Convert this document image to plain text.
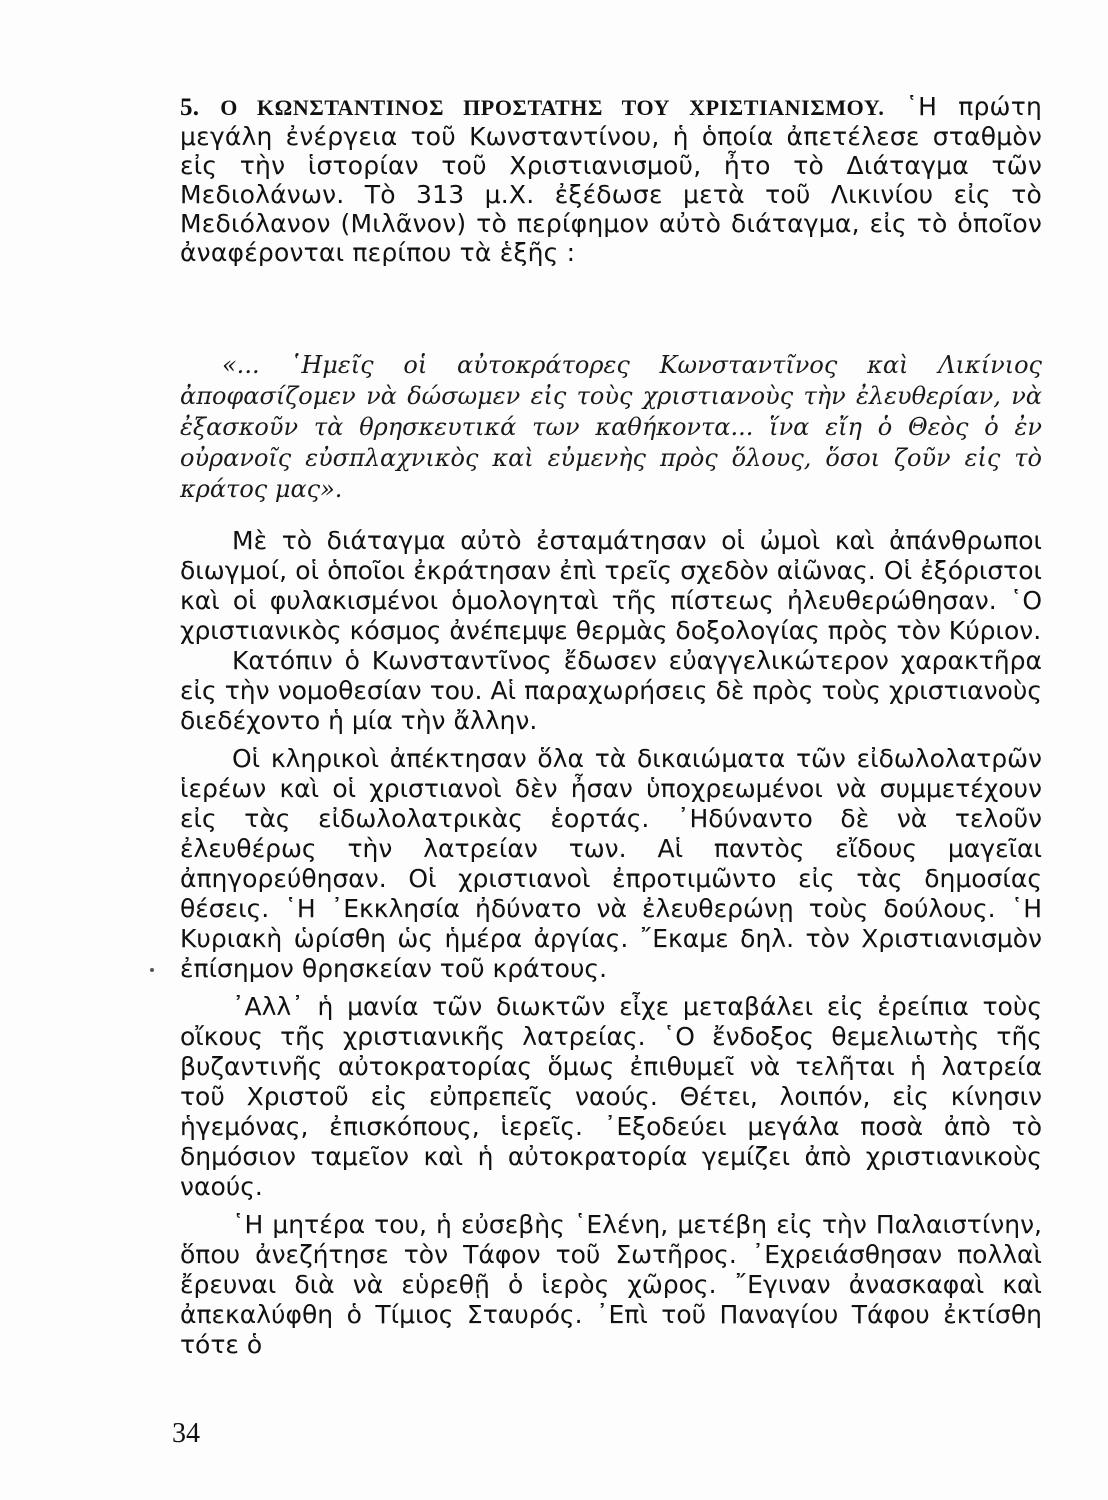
5. Ο ΚΩΝΣΤΑΝΤΙΝΟΣ ΠΡΟΣΤΑΤΗΣ ΤΟΥ ΧΡΙΣΤΙΑΝΙΣΜΟΥ. ῾Η πρώτη μεγάλη ἐνέργεια τοῦ Κωνσταντίνου, ἡ ὁποία ἀπετέλεσε σταθμὸν εἰς τὴν ἱστορίαν τοῦ Χριστιανισμοῦ, ἦτο τὸ Διάταγμα τῶν Μεδιολάνων. Τὸ 313 μ.Χ. ἐξέδωσε μετὰ τοῦ Λικινίου εἰς τὸ Μεδιόλανον (Μιλᾶνον) τὸ περίφημον αὐτὸ διάταγμα, εἰς τὸ ὁποῖον ἀναφέρονται περίπου τὰ ἑξῆς :
«... ῾Ημεῖς οἱ αὐτοκράτορες Κωνσταντῖνος καὶ Λικίνιος ἀποφασίζομεν νὰ δώσωμεν εἰς τοὺς χριστιανοὺς τὴν ἐλευθερίαν, νὰ ἐξασκοῦν τὰ θρησκευτικά των καθήκοντα... ἵνα εἴη ὁ Θεὸς ὁ ἐν οὐρανοῖς εὐσπλαχνικὸς καὶ εὐμενὴς πρὸς ὅλους, ὅσοι ζοῦν εἰς τὸ κράτος μας».

Μὲ τὸ διάταγμα αὐτὸ ἐσταμάτησαν οἱ ὠμοὶ καὶ ἀπάνθρωποι διωγμοί, οἱ ὁποῖοι ἐκράτησαν ἐπὶ τρεῖς σχεδὸν αἰῶνας. Οἱ ἐξόριστοι καὶ οἱ φυλακισμένοι ὁμολογηταὶ τῆς πίστεως ἠλευθερώθησαν. ῾Ο χριστιανικὸς κόσμος ἀνέπεμψε θερμὰς δοξολογίας πρὸς τὸν Κύριον.

Κατόπιν ὁ Κωνσταντῖνος ἔδωσεν εὐαγγελικώτερον χαρακτῆρα εἰς τὴν νομοθεσίαν του. Αἱ παραχωρήσεις δὲ πρὸς τοὺς χριστιανοὺς διεδέχοντο ἡ μία τὴν ἄλλην.

Οἱ κληρικοὶ ἀπέκτησαν ὅλα τὰ δικαιώματα τῶν εἰδωλολατρῶν ἱερέων καὶ οἱ χριστιανοὶ δὲν ἦσαν ὑποχρεωμένοι νὰ συμμετέχουν εἰς τὰς εἰδωλολατρικὰς ἑορτάς. ᾿Ηδύναντο δὲ νὰ τελοῦν ἐλευθέρως τὴν λατρείαν των. Αἱ παντὸς εἴδους μαγεῖαι ἀπηγορεύθησαν. Οἱ χριστιανοὶ ἐπροτιμῶντο εἰς τὰς δημοσίας θέσεις. ῾Η ᾿Εκκλησία ἠδύνατο νὰ ἐλευθερώνῃ τοὺς δούλους. ῾Η Κυριακὴ ὡρίσθη ὡς ἡμέρα ἀργίας. ῎Εκαμε δηλ. τὸν Χριστιανισμὸν ἐπίσημον θρησκείαν τοῦ κράτους.

᾿Αλλ᾿ ἡ μανία τῶν διωκτῶν εἶχε μεταβάλει εἰς ἐρείπια τοὺς οἴκους τῆς χριστιανικῆς λατρείας. ῾Ο ἔνδοξος θεμελιωτὴς τῆς βυζαντινῆς αὐτοκρατορίας ὅμως ἐπιθυμεῖ νὰ τελῆται ἡ λατρεία τοῦ Χριστοῦ εἰς εὐπρεπεῖς ναούς. Θέτει, λοιπόν, εἰς κίνησιν ἡγεμόνας, ἐπισκόπους, ἱερεῖς. ᾿Εξοδεύει μεγάλα ποσὰ ἀπὸ τὸ δημόσιον ταμεῖον καὶ ἡ αὐτοκρατορία γεμίζει ἀπὸ χριστιανικοὺς ναούς.

῾Η μητέρα του, ἡ εὐσεβὴς ῾Ελένη, μετέβη εἰς τὴν Παλαιστίνην, ὅπου ἀνεζήτησε τὸν Τάφον τοῦ Σωτῆρος. ᾿Εχρειάσθησαν πολλαὶ ἔρευναι διὰ νὰ εὑρεθῇ ὁ ἱερὸς χῶρος. ῎Εγιναν ἀνασκαφαὶ καὶ ἀπεκαλύφθη ὁ Τίμιος Σταυρός. ᾿Επὶ τοῦ Παναγίου Τάφου ἐκτίσθη τότε ὁ

34
